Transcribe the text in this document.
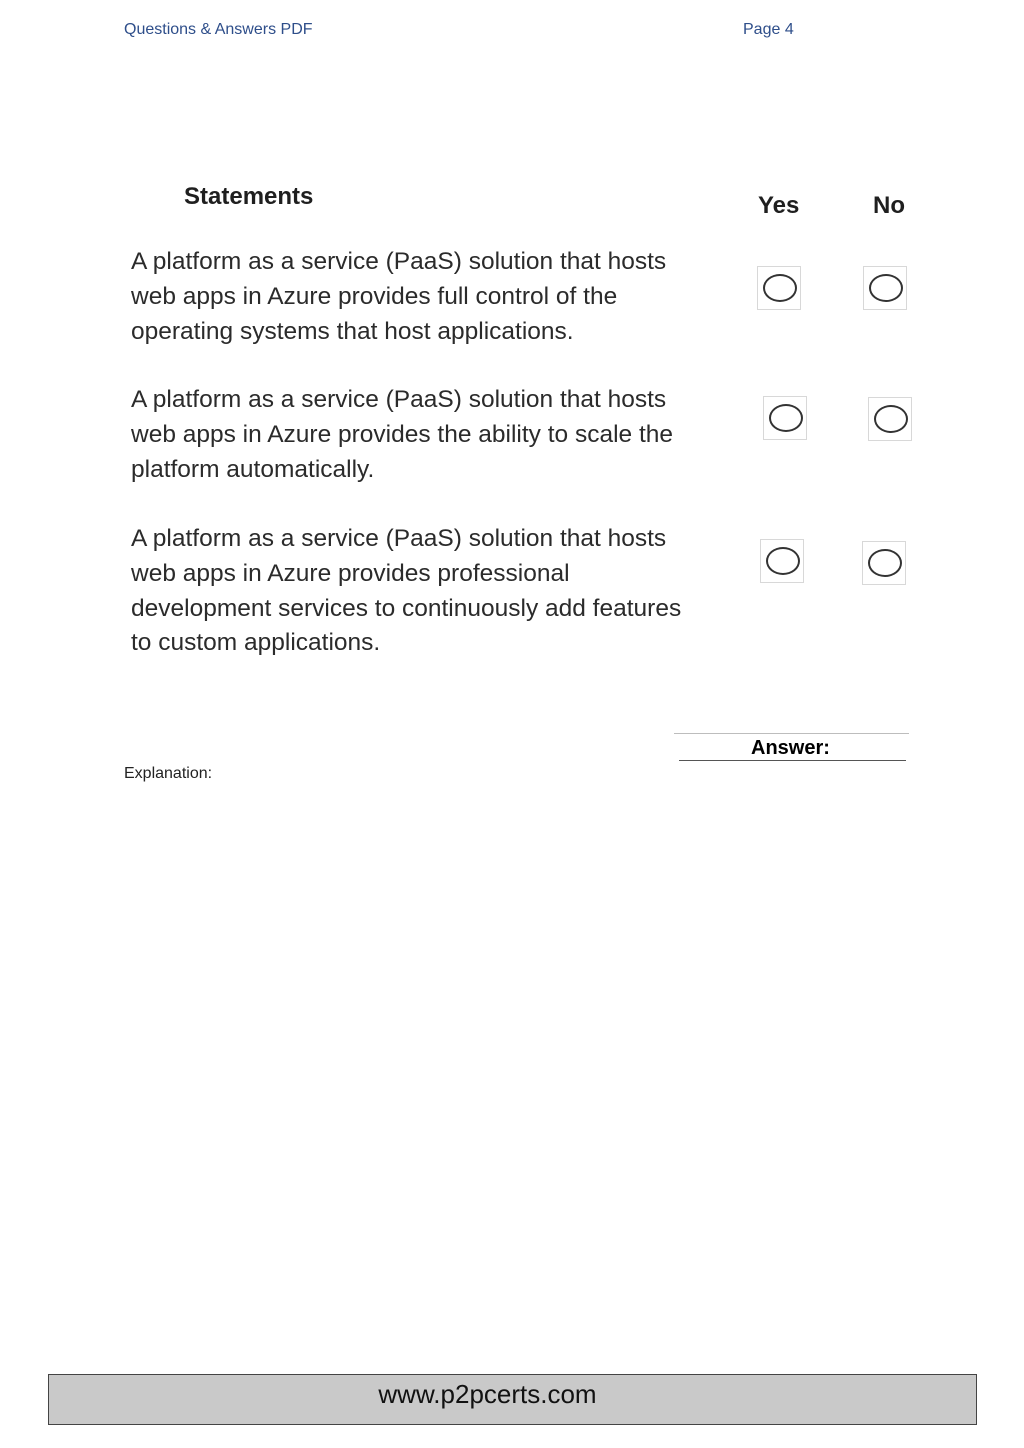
Questions & Answers PDF	Page 4
Statements	Yes	No
A platform as a service (PaaS) solution that hosts
web apps in Azure provides full control of the
operating systems that host applications.
A platform as a service (PaaS) solution that hosts
web apps in Azure provides the ability to scale the
platform automatically.
A platform as a service (PaaS) solution that hosts
web apps in Azure provides professional
development services to continuously add features
to custom applications.
Answer:
Explanation:
www.p2pcerts.com
